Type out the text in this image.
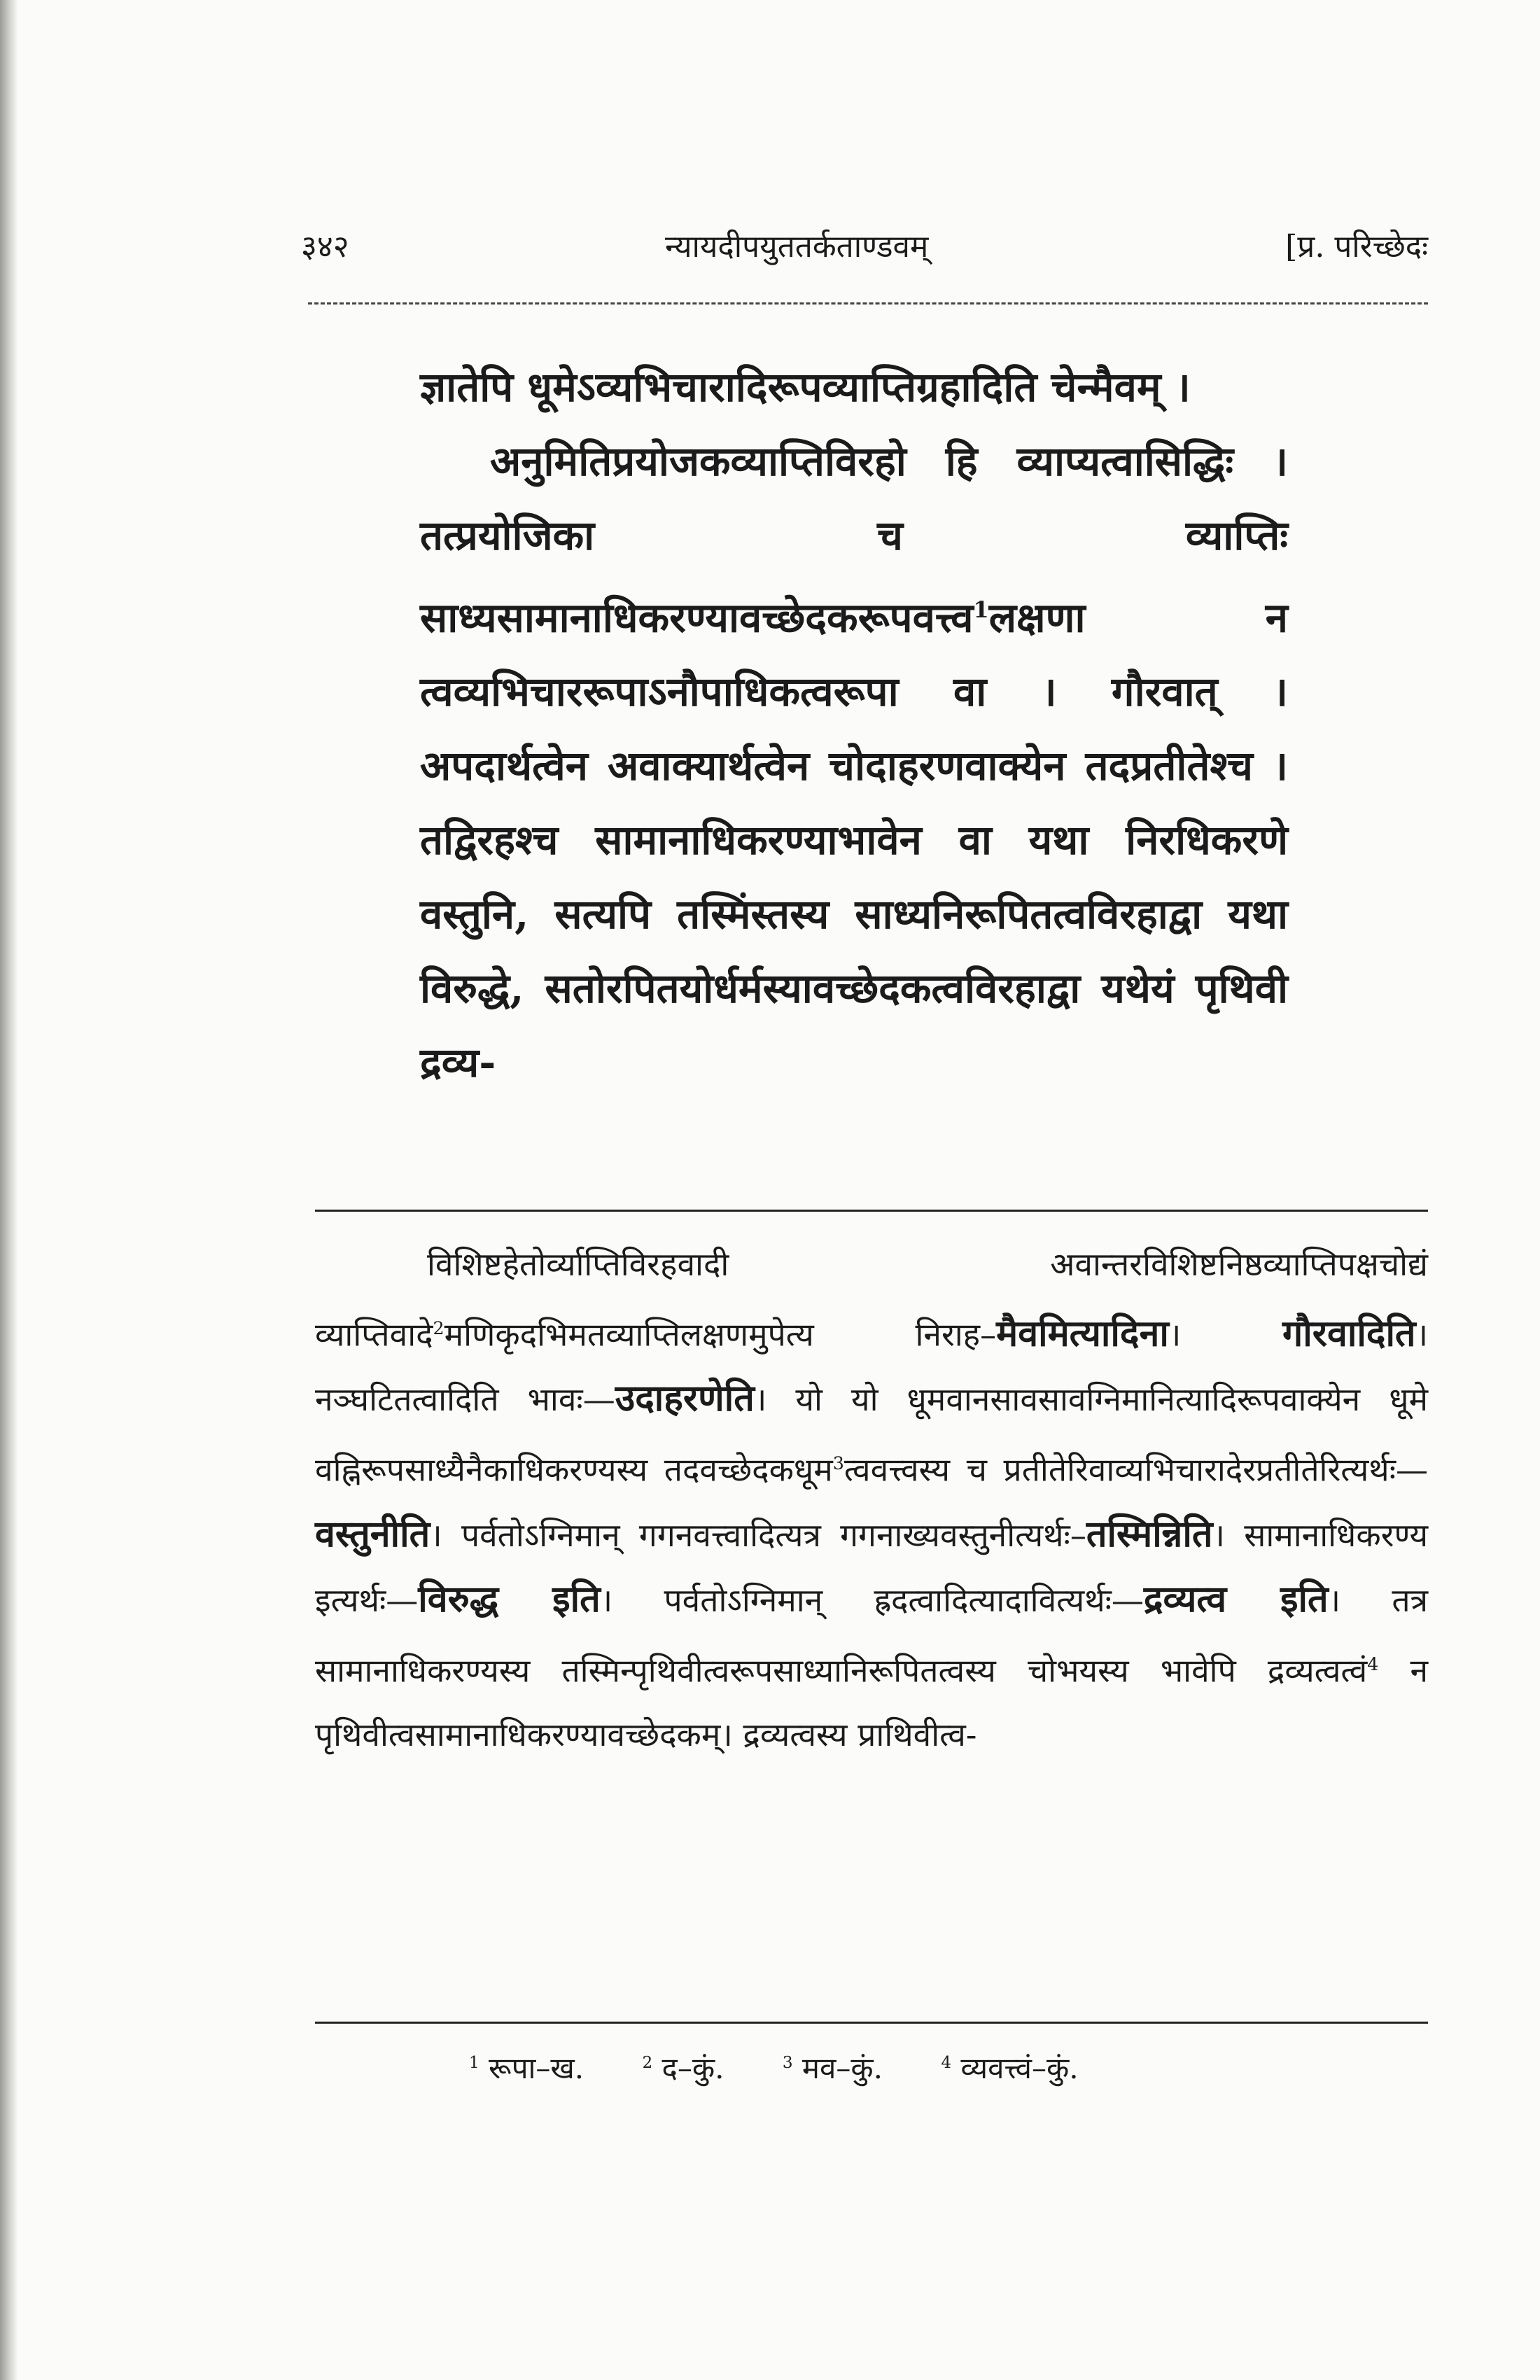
३४२	न्यायदीपयुततर्कताण्डवम्	[प्र. परिच्छेदः

ज्ञातेपि धूमेऽव्यभिचारादिरूपव्याप्तिग्रहादिति चेन्मैवम् ।

अनुमितिप्रयोजकव्याप्तिविरहो हि व्याप्यत्वासिद्धिः । तत्प्रयोजिका च व्याप्तिः साध्यसामानाधिकरण्यावच्छेदकरूपवत्त्व$^1$लक्षणा न त्वव्यभिचाररूपाऽनौपाधिकत्वरूपा वा । गौरवात् । अपदार्थत्वेन अवाक्यार्थत्वेन चोदाहरणवाक्येन तदप्रतीतेश्च । तद्विरहश्च सामानाधिकरण्याभावेन वा यथा निरधिकरणे वस्तुनि, सत्यपि तस्मिंस्तस्य साध्यनिरूपितत्वविरहाद्वा यथा विरुद्धे, सतोरपितयोर्धर्मस्यावच्छेदकत्वविरहाद्वा यथेयं पृथिवी द्रव्य-

विशिष्टहेतोर्व्याप्तिविरहवादी अवान्तरविशिष्टनिष्ठव्याप्तिपक्षचोद्यं व्याप्तिवादे$^2$मणिकृदभिमतव्याप्तिलक्षणमुपेत्य निराह–मैवमित्यादिना। गौरवादिति। नञ्घटितत्वादिति भावः—उदाहरणेति। यो यो धूमवानसावसावग्निमानित्यादिरूपवाक्येन धूमे वह्निरूपसाध्यैनैकाधिकरण्यस्य तदवच्छेदकधूम$^3$त्ववत्त्वस्य च प्रतीतेरिवाव्यभिचारादेरप्रतीतेरित्यर्थः—वस्तुनीति। पर्वतोऽग्निमान् गगनवत्त्वादित्यत्र गगनाख्यवस्तुनीत्यर्थः–तस्मिन्निति। सामानाधिकरण्य इत्यर्थः—विरुद्ध इति। पर्वतोऽग्निमान् ह्रदत्वादित्यादावित्यर्थः—द्रव्यत्व इति। तत्र सामानाधिकरण्यस्य तस्मिन्पृथिवीत्वरूपसाध्यानिरूपितत्वस्य चोभयस्य भावेपि द्रव्यत्वत्वं$^4$ न पृथिवीत्वसामानाधिकरण्यावच्छेदकम्। द्रव्यत्वस्य प्राथिवीत्व-

$^1$ रूपा–ख.	$^2$ द–कुं.	$^3$ मव–कुं.	$^4$ व्यवत्त्वं–कुं.
